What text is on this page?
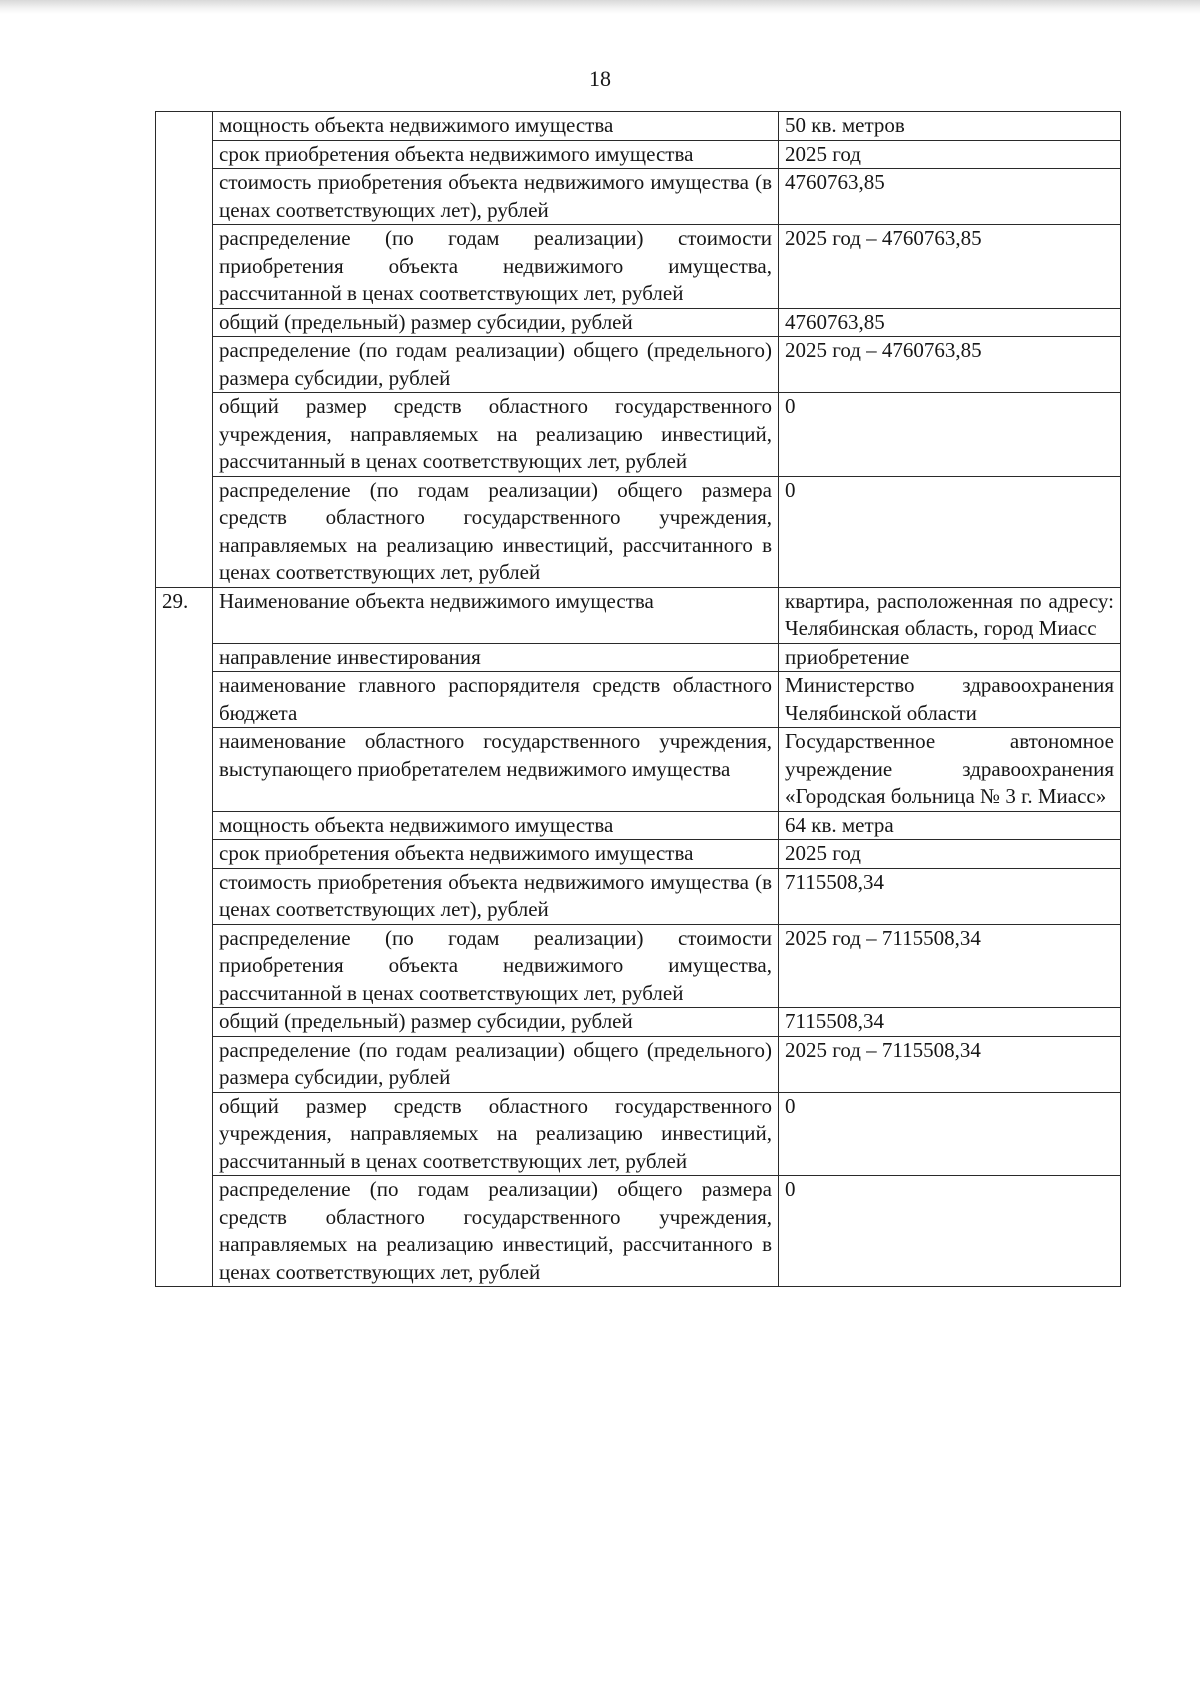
18
	мощность объекта недвижимого имущества	50 кв. метров
	срок приобретения объекта недвижимого имущества	2025 год
	стоимость приобретения объекта недвижимого имущества (в ценах соответствующих лет), рублей	4760763,85
	распределение (по годам реализации) стоимости приобретения объекта недвижимого имущества, рассчитанной в ценах соответствующих лет, рублей	2025 год – 4760763,85
	общий (предельный) размер субсидии, рублей	4760763,85
	распределение (по годам реализации) общего (предельного) размера субсидии, рублей	2025 год – 4760763,85
	общий размер средств областного государственного учреждения, направляемых на реализацию инвестиций, рассчитанный в ценах соответствующих лет, рублей	0
	распределение (по годам реализации) общего размера средств областного государственного учреждения, направляемых на реализацию инвестиций, рассчитанного в ценах соответствующих лет, рублей	0
29.	Наименование объекта недвижимого имущества	квартира, расположенная по адресу: Челябинская область, город Миасс
	направление инвестирования	приобретение
	наименование главного распорядителя средств областного бюджета	Министерство здравоохранения Челябинской области
	наименование областного государственного учреждения, выступающего приобретателем недвижимого имущества	Государственное автономное учреждение здравоохранения «Городская больница № 3 г. Миасс»
	мощность объекта недвижимого имущества	64 кв. метра
	срок приобретения объекта недвижимого имущества	2025 год
	стоимость приобретения объекта недвижимого имущества (в ценах соответствующих лет), рублей	7115508,34
	распределение (по годам реализации) стоимости приобретения объекта недвижимого имущества, рассчитанной в ценах соответствующих лет, рублей	2025 год – 7115508,34
	общий (предельный) размер субсидии, рублей	7115508,34
	распределение (по годам реализации) общего (предельного) размера субсидии, рублей	2025 год – 7115508,34
	общий размер средств областного государственного учреждения, направляемых на реализацию инвестиций, рассчитанный в ценах соответствующих лет, рублей	0
	распределение (по годам реализации) общего размера средств областного государственного учреждения, направляемых на реализацию инвестиций, рассчитанного в ценах соответствующих лет, рублей	0
